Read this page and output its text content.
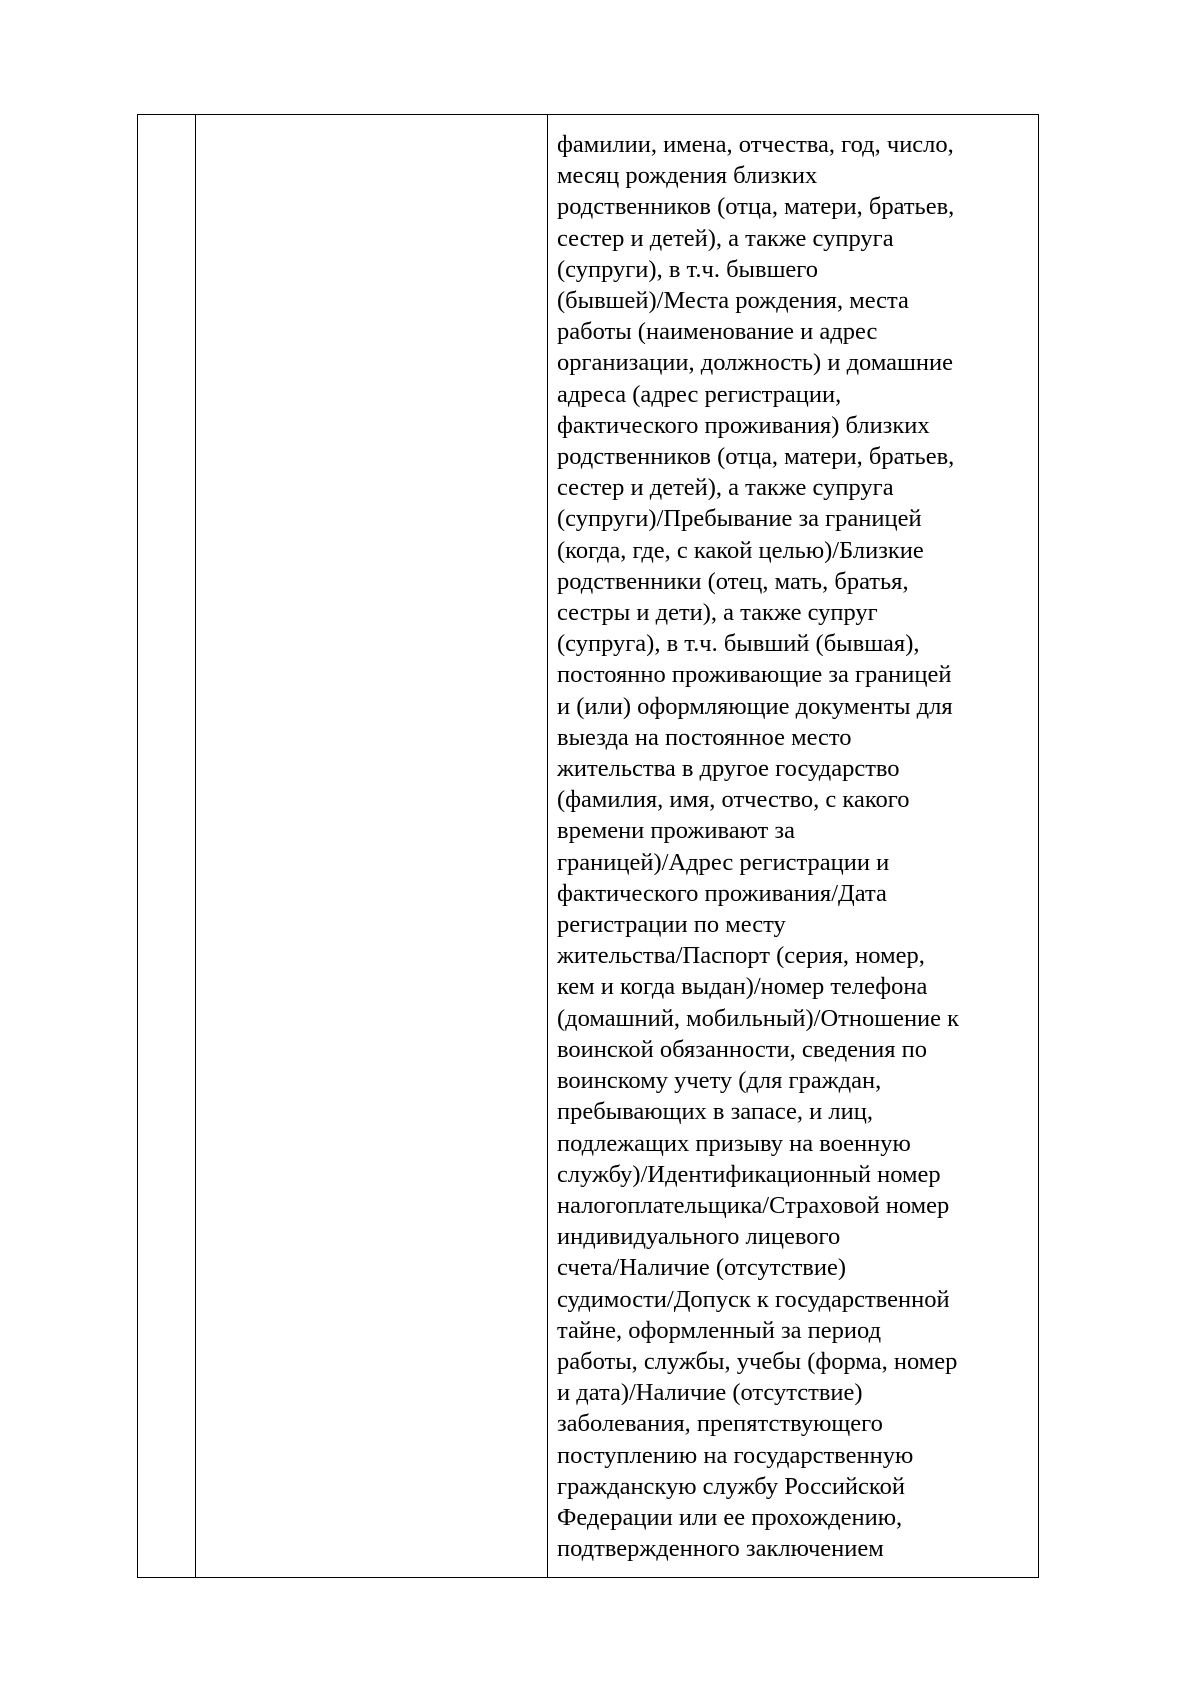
фамилии, имена, отчества, год, число,
месяц рождения близких
родственников (отца, матери, братьев,
сестер и детей), а также супруга
(супруги), в т.ч. бывшего
(бывшей)/Места рождения, места
работы (наименование и адрес
организации, должность) и домашние
адреса (адрес регистрации,
фактического проживания) близких
родственников (отца, матери, братьев,
сестер и детей), а также супруга
(супруги)/Пребывание за границей
(когда, где, с какой целью)/Близкие
родственники (отец, мать, братья,
сестры и дети), а также супруг
(супруга), в т.ч. бывший (бывшая),
постоянно проживающие за границей
и (или) оформляющие документы для
выезда на постоянное место
жительства в другое государство
(фамилия, имя, отчество, с какого
времени проживают за
границей)/Адрес регистрации и
фактического проживания/Дата
регистрации по месту
жительства/Паспорт (серия, номер,
кем и когда выдан)/номер телефона
(домашний, мобильный)/Отношение к
воинской обязанности, сведения по
воинскому учету (для граждан,
пребывающих в запасе, и лиц,
подлежащих призыву на военную
службу)/Идентификационный номер
налогоплательщика/Страховой номер
индивидуального лицевого
счета/Наличие (отсутствие)
судимости/Допуск к государственной
тайне, оформленный за период
работы, службы, учебы (форма, номер
и дата)/Наличие (отсутствие)
заболевания, препятствующего
поступлению на государственную
гражданскую службу Российской
Федерации или ее прохождению,
подтвержденного заключением
